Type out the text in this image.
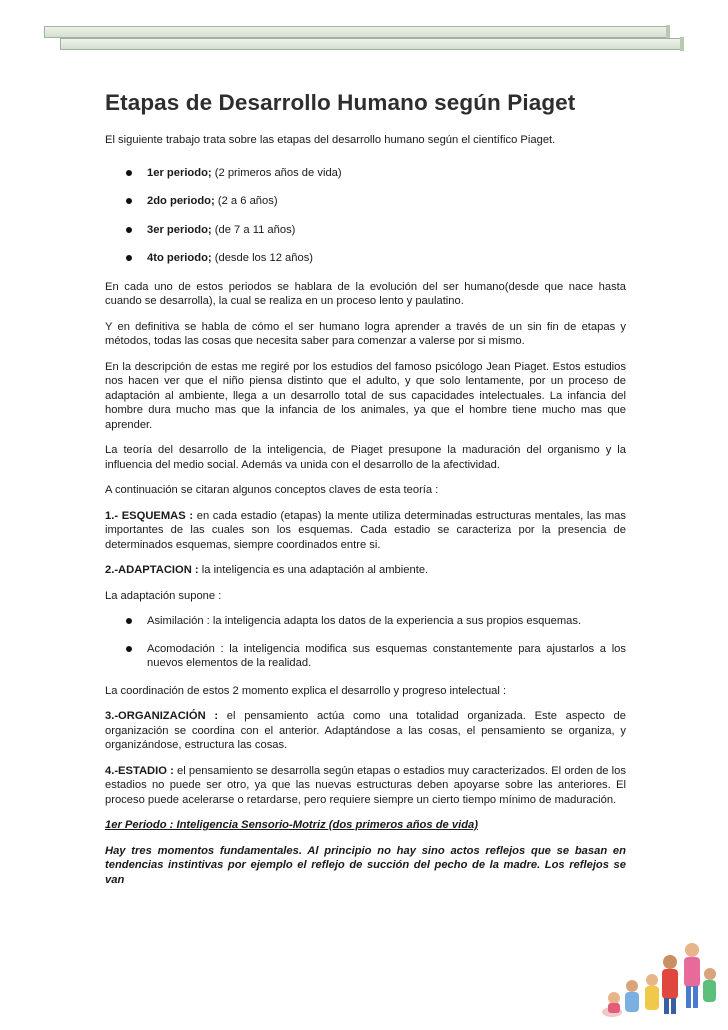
Etapas de Desarrollo Humano según Piaget

El siguiente trabajo trata sobre las etapas del desarrollo humano según el científico Piaget.

1er periodo; (2 primeros años de vida)
2do periodo; (2 a 6 años)
3er periodo; (de 7 a 11 años)
4to periodo; (desde los 12 años)

En cada uno de estos periodos se hablara de la evolución del ser humano(desde que nace hasta cuando se desarrolla), la cual se realiza en un proceso lento y paulatino.

Y en definitiva se habla de cómo el ser humano logra aprender a través de un sin fin de etapas y métodos, todas las cosas que necesita saber para comenzar a valerse por si mismo.

En la descripción de estas me regiré por los estudios del famoso psicólogo Jean Piaget. Estos estudios nos hacen ver que el niño piensa distinto que el adulto, y que solo lentamente, por un proceso de adaptación al ambiente, llega a un desarrollo total de sus capacidades intelectuales. La infancia del hombre dura mucho mas que la infancia de los animales, ya que el hombre tiene mucho mas que aprender.

La teoría del desarrollo de la inteligencia, de Piaget presupone la maduración del organismo y la influencia del medio social. Además va unida con el desarrollo de la afectividad.

A continuación se citaran algunos conceptos claves de esta teoría :

1.- ESQUEMAS : en cada estadio (etapas) la mente utiliza determinadas estructuras mentales, las mas importantes de las cuales son los esquemas. Cada estadio se caracteriza por la presencia de determinados esquemas, siempre coordinados entre si.

2.-ADAPTACION : la inteligencia es una adaptación al ambiente.

La adaptación supone :

Asimilación : la inteligencia adapta los datos de la experiencia a sus propios esquemas.
Acomodación : la inteligencia modifica sus esquemas constantemente para ajustarlos a los nuevos elementos de la realidad.

La coordinación de estos 2 momento explica el desarrollo y progreso intelectual :

3.-ORGANIZACIÓN : el pensamiento actúa como una totalidad organizada. Este aspecto de organización se coordina con el anterior. Adaptándose a las cosas, el pensamiento se organiza, y organizándose, estructura las cosas.

4.-ESTADIO : el pensamiento se desarrolla según etapas o estadios muy caracterizados. El orden de los estadios no puede ser otro, ya que las nuevas estructuras deben apoyarse sobre las anteriores. El proceso puede acelerarse o retardarse, pero requiere siempre un cierto tiempo mínimo de maduración.

1er Periodo : Inteligencia Sensorio-Motriz (dos primeros años de vida)

Hay tres momentos fundamentales. Al principio no hay sino actos reflejos que se basan en tendencias instintivas por ejemplo el reflejo de succión del pecho de la madre. Los reflejos se van
